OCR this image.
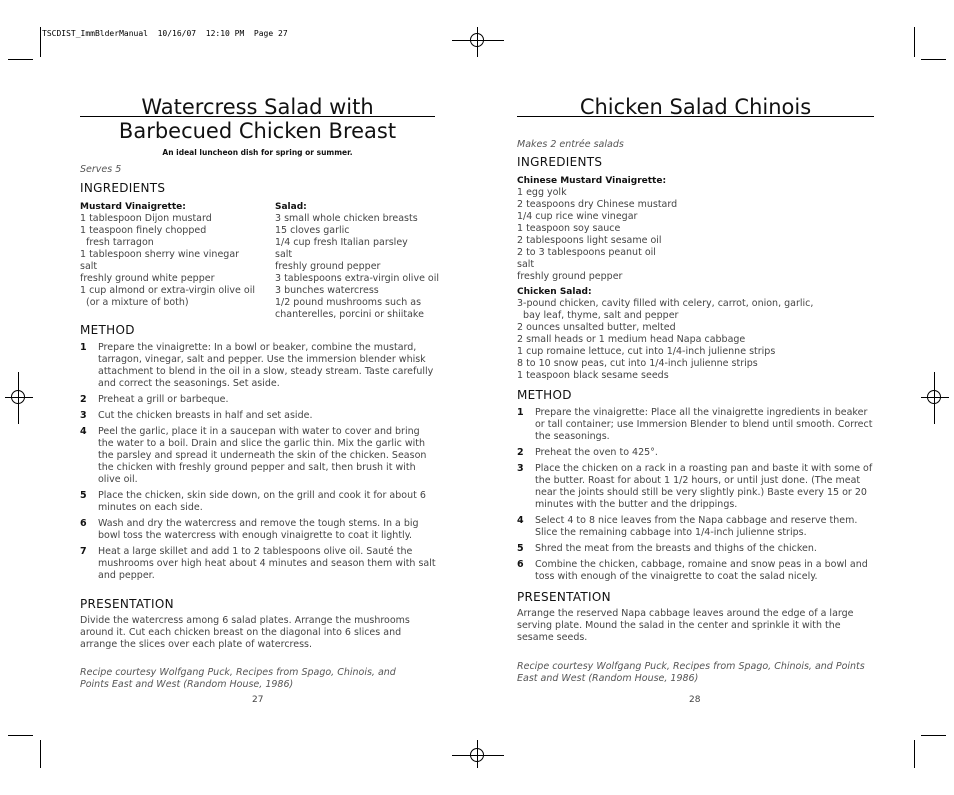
TSCDIST_ImmBlderManual  10/16/07  12:10 PM  Page 27
Watercress Salad with
Barbecued Chicken Breast
An ideal luncheon dish for spring or summer.
Serves 5
INGREDIENTS
Mustard Vinaigrette:
1 tablespoon Dijon mustard
1 teaspoon finely chopped
fresh tarragon
1 tablespoon sherry wine vinegar
salt
freshly ground white pepper
1 cup almond or extra-virgin olive oil
(or a mixture of both)
Salad:
3 small whole chicken breasts
15 cloves garlic
1/4 cup fresh Italian parsley
salt
freshly ground pepper
3 tablespoons extra-virgin olive oil
3 bunches watercress
1/2 pound mushrooms such as
chanterelles, porcini or shiitake
METHOD
1	Prepare the vinaigrette: In a bowl or beaker, combine the mustard, tarragon, vinegar, salt and pepper. Use the immersion blender whisk attachment to blend in the oil in a slow, steady stream. Taste carefully and correct the seasonings. Set aside.
2	Preheat a grill or barbeque.
3	Cut the chicken breasts in half and set aside.
4	Peel the garlic, place it in a saucepan with water to cover and bring the water to a boil. Drain and slice the garlic thin. Mix the garlic with the parsley and spread it underneath the skin of the chicken. Season the chicken with freshly ground pepper and salt, then brush it with olive oil.
5	Place the chicken, skin side down, on the grill and cook it for about 6 minutes on each side.
6	Wash and dry the watercress and remove the tough stems. In a big bowl toss the watercress with enough vinaigrette to coat it lightly.
7	Heat a large skillet and add 1 to 2 tablespoons olive oil. Sauté the mushrooms over high heat about 4 minutes and season them with salt and pepper.
PRESENTATION
Divide the watercress among 6 salad plates. Arrange the mushrooms around it. Cut each chicken breast on the diagonal into 6 slices and arrange the slices over each plate of watercress.
Recipe courtesy Wolfgang Puck, Recipes from Spago, Chinois, and Points East and West (Random House, 1986)
27
Chicken Salad Chinois
Makes 2 entrée salads
INGREDIENTS
Chinese Mustard Vinaigrette:
1 egg yolk
2 teaspoons dry Chinese mustard
1/4 cup rice wine vinegar
1 teaspoon soy sauce
2 tablespoons light sesame oil
2 to 3 tablespoons peanut oil
salt
freshly ground pepper
Chicken Salad:
3-pound chicken, cavity filled with celery, carrot, onion, garlic,
bay leaf, thyme, salt and pepper
2 ounces unsalted butter, melted
2 small heads or 1 medium head Napa cabbage
1 cup romaine lettuce, cut into 1/4-inch julienne strips
8 to 10 snow peas, cut into 1/4-inch julienne strips
1 teaspoon black sesame seeds
METHOD
1	Prepare the vinaigrette: Place all the vinaigrette ingredients in beaker or tall container; use Immersion Blender to blend until smooth. Correct the seasonings.
2	Preheat the oven to 425°.
3	Place the chicken on a rack in a roasting pan and baste it with some of the butter. Roast for about 1 1/2 hours, or until just done. (The meat near the joints should still be very slightly pink.) Baste every 15 or 20 minutes with the butter and the drippings.
4	Select 4 to 8 nice leaves from the Napa cabbage and reserve them. Slice the remaining cabbage into 1/4-inch julienne strips.
5	Shred the meat from the breasts and thighs of the chicken.
6	Combine the chicken, cabbage, romaine and snow peas in a bowl and toss with enough of the vinaigrette to coat the salad nicely.
PRESENTATION
Arrange the reserved Napa cabbage leaves around the edge of a large serving plate. Mound the salad in the center and sprinkle it with the sesame seeds.
Recipe courtesy Wolfgang Puck, Recipes from Spago, Chinois, and Points East and West (Random House, 1986)
28
